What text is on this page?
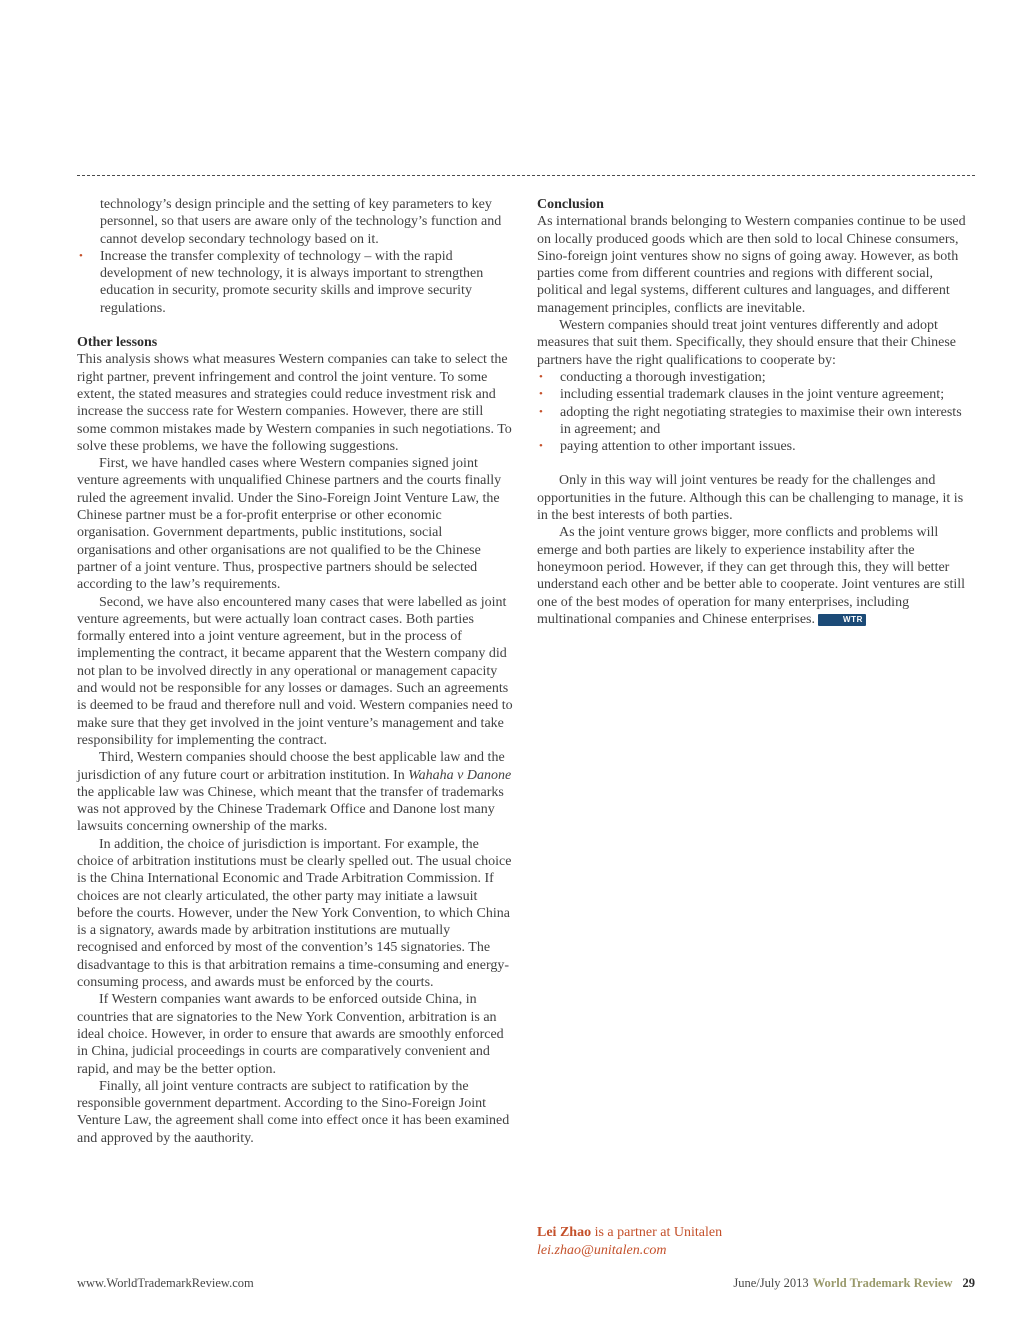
technology’s design principle and the setting of key parameters to key personnel, so that users are aware only of the technology’s function and cannot develop secondary technology based on it.
•	Increase the transfer complexity of technology – with the rapid development of new technology, it is always important to strengthen education in security, promote security skills and improve security regulations.
Other lessons

This analysis shows what measures Western companies can take to select the right partner, prevent infringement and control the joint venture. To some extent, the stated measures and strategies could reduce investment risk and increase the success rate for Western companies. However, there are still some common mistakes made by Western companies in such negotiations. To solve these problems, we have the following suggestions.

First, we have handled cases where Western companies signed joint venture agreements with unqualified Chinese partners and the courts finally ruled the agreement invalid. Under the Sino-Foreign Joint Venture Law, the Chinese partner must be a for-profit enterprise or other economic organisation. Government departments, public institutions, social organisations and other organisations are not qualified to be the Chinese partner of a joint venture. Thus, prospective partners should be selected according to the law’s requirements.

Second, we have also encountered many cases that were labelled as joint venture agreements, but were actually loan contract cases. Both parties formally entered into a joint venture agreement, but in the process of implementing the contract, it became apparent that the Western company did not plan to be involved directly in any operational or management capacity and would not be responsible for any losses or damages. Such an agreements is deemed to be fraud and therefore null and void. Western companies need to make sure that they get involved in the joint venture’s management and take responsibility for implementing the contract.

Third, Western companies should choose the best applicable law and the jurisdiction of any future court or arbitration institution. In Wahaha v Danone the applicable law was Chinese, which meant that the transfer of trademarks was not approved by the Chinese Trademark Office and Danone lost many lawsuits concerning ownership of the marks.

In addition, the choice of jurisdiction is important. For example, the choice of arbitration institutions must be clearly spelled out. The usual choice is the China International Economic and Trade Arbitration Commission. If choices are not clearly articulated, the other party may initiate a lawsuit before the courts. However, under the New York Convention, to which China is a signatory, awards made by arbitration institutions are mutually recognised and enforced by most of the convention’s 145 signatories. The disadvantage to this is that arbitration remains a time-consuming and energy-consuming process, and awards must be enforced by the courts.

If Western companies want awards to be enforced outside China, in countries that are signatories to the New York Convention, arbitration is an ideal choice. However, in order to ensure that awards are smoothly enforced in China, judicial proceedings in courts are comparatively convenient and rapid, and may be the better option.

Finally, all joint venture contracts are subject to ratification by the responsible government department. According to the Sino-Foreign Joint Venture Law, the agreement shall come into effect once it has been examined and approved by the aauthority.

Conclusion

As international brands belonging to Western companies continue to be used on locally produced goods which are then sold to local Chinese consumers, Sino-foreign joint ventures show no signs of going away. However, as both parties come from different countries and regions with different social, political and legal systems, different cultures and languages, and different management principles, conflicts are inevitable.

Western companies should treat joint ventures differently and adopt measures that suit them. Specifically, they should ensure that their Chinese partners have the right qualifications to cooperate by:

•	conducting a thorough investigation;
•	including essential trademark clauses in the joint venture agreement;
•	adopting the right negotiating strategies to maximise their own interests in agreement; and
•	paying attention to other important issues.

Only in this way will joint ventures be ready for the challenges and opportunities in the future. Although this can be challenging to manage, it is in the best interests of both parties.

As the joint venture grows bigger, more conflicts and problems will emerge and both parties are likely to experience instability after the honeymoon period. However, if they can get through this, they will better understand each other and be better able to cooperate. Joint ventures are still one of the best modes of operation for many enterprises, including multinational companies and Chinese enterprises.	WTR

Lei Zhao is a partner at Unitalen
lei.zhao@unitalen.com
www.WorldTrademarkReview.com	June/July 2013 World Trademark Review 29
